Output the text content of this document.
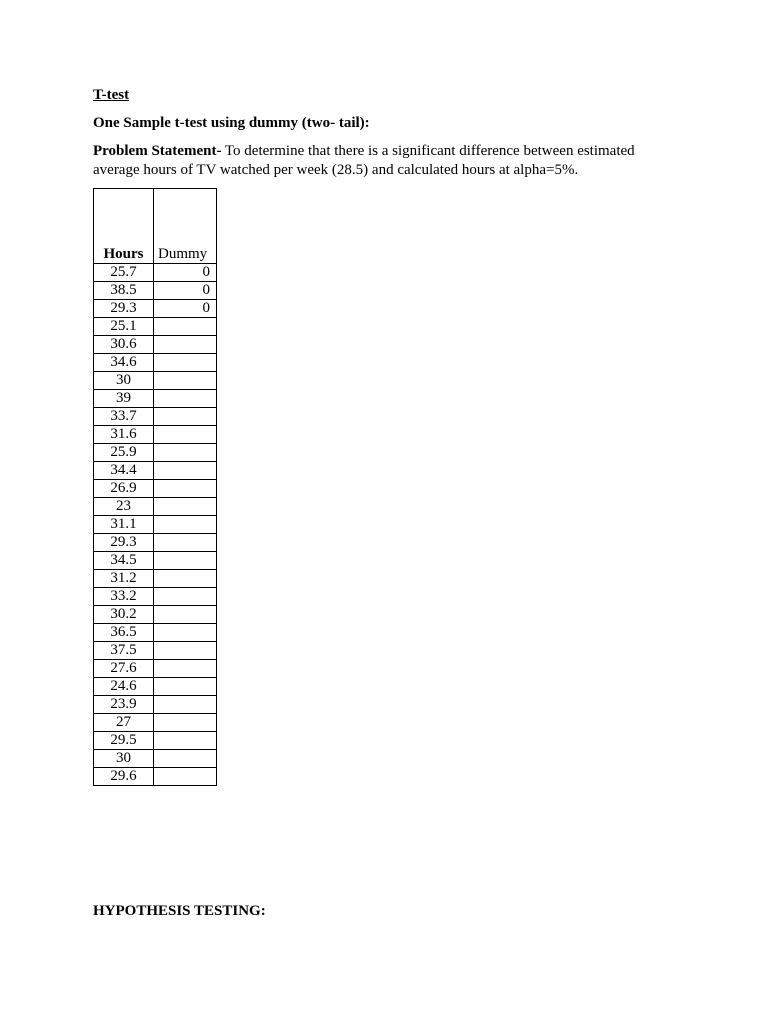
T-test
One Sample t-test using dummy (two- tail):
Problem Statement- To determine that there is a significant difference between estimated average hours of TV watched per week (28.5) and calculated hours at alpha=5%.
Hours	Dummy
25.7	0
38.5	0
29.3	0
25.1	
30.6	
34.6	
30	
39	
33.7	
31.6	
25.9	
34.4	
26.9	
23	
31.1	
29.3	
34.5	
31.2	
33.2	
30.2	
36.5	
37.5	
27.6	
24.6	
23.9	
27	
29.5	
30	
29.6	
HYPOTHESIS TESTING:
